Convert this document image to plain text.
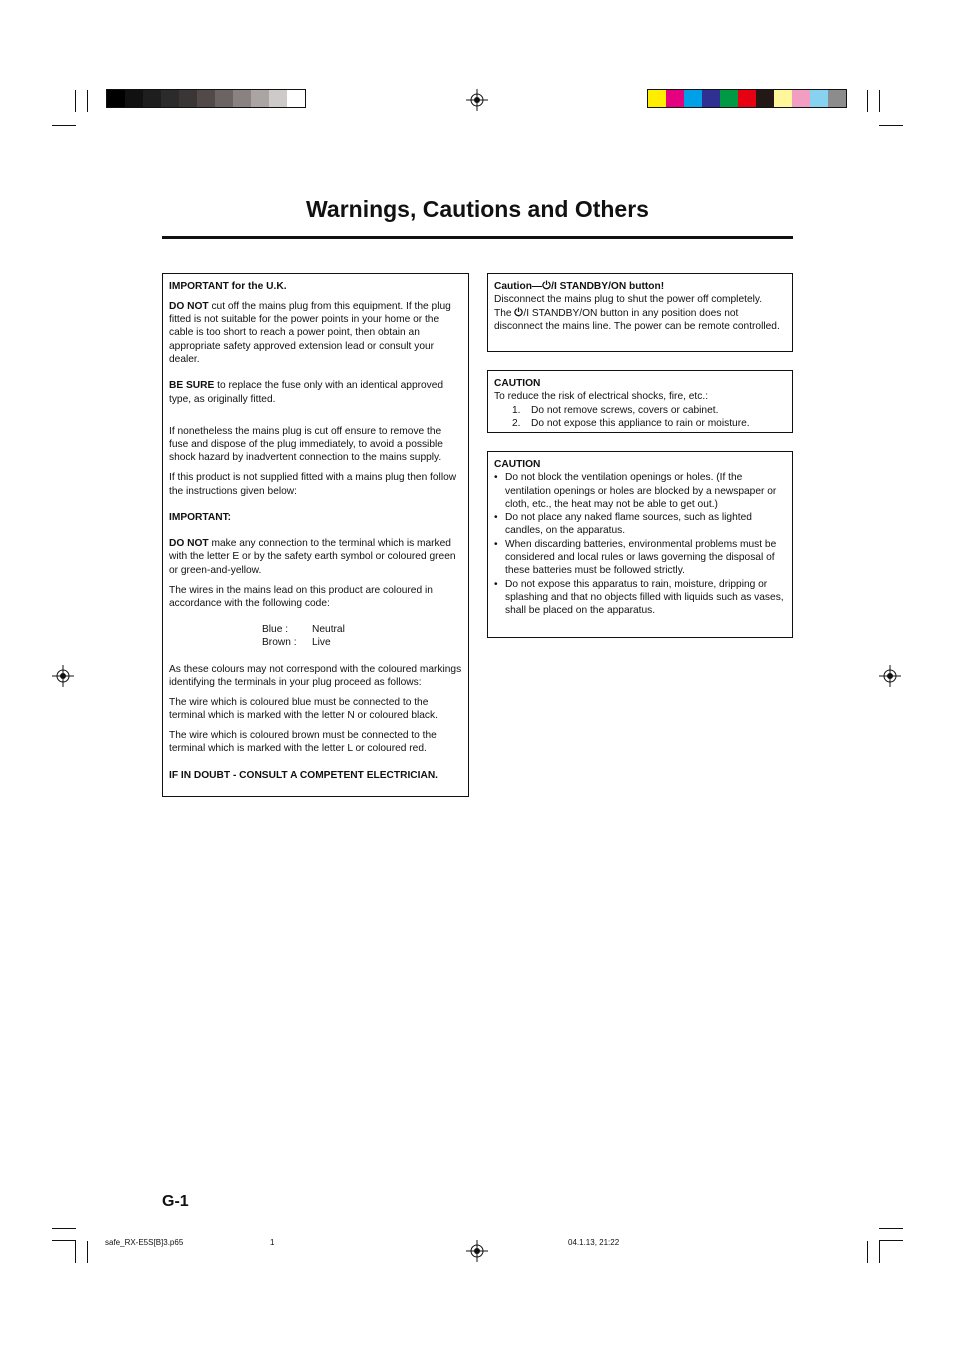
Warnings, Cautions and Others

IMPORTANT for the U.K.

DO NOT cut off the mains plug from this equipment. If the plug fitted is not suitable for the power points in your home or the cable is too short to reach a power point, then obtain an appropriate safety approved extension lead or consult your dealer.

BE SURE to replace the fuse only with an identical approved type, as originally fitted.

If nonetheless the mains plug is cut off ensure to remove the fuse and dispose of the plug immediately, to avoid a possible shock hazard by inadvertent connection to the mains supply.

If this product is not supplied fitted with a mains plug then follow the instructions given below:

IMPORTANT:

DO NOT make any connection to the terminal which is marked with the letter E or by the safety earth symbol or coloured green or green-and-yellow.

The wires in the mains lead on this product are coloured in accordance with the following code:

Blue :	Neutral
Brown :	Live

As these colours may not correspond with the coloured markings identifying the terminals in your plug proceed as follows:

The wire which is coloured blue must be connected to the terminal which is marked with the letter N or coloured black.

The wire which is coloured brown must be connected to the terminal which is marked with the letter L or coloured red.

IF IN DOUBT - CONSULT A COMPETENT ELECTRICIAN.

Caution— /I STANDBY/ON button!
Disconnect the mains plug to shut the power off completely.
The /I STANDBY/ON button in any position does not disconnect the mains line. The power can be remote controlled.
CAUTION
To reduce the risk of electrical shocks, fire, etc.:
1.	Do not remove screws, covers or cabinet.
2.	Do not expose this appliance to rain or moisture.
CAUTION
• Do not block the ventilation openings or holes. (If the ventilation openings or holes are blocked by a newspaper or cloth, etc., the heat may not be able to get out.)
• Do not place any naked flame sources, such as lighted candles, on the apparatus.
• When discarding batteries, environmental problems must be considered and local rules or laws governing the disposal of these batteries must be followed strictly.
• Do not expose this apparatus to rain, moisture, dripping or splashing and that no objects filled with liquids such as vases, shall be placed on the apparatus.
G-1
safe_RX-E5S[B]3.p65	1	04.1.13, 21:22
